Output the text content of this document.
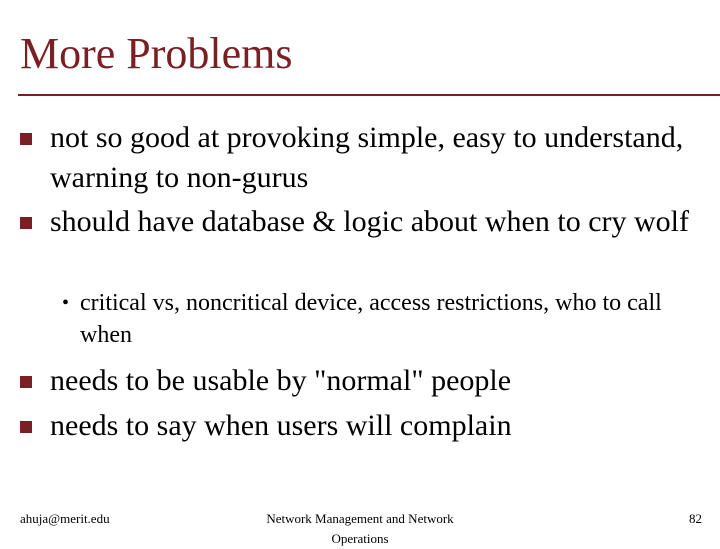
More Problems
not so good at provoking simple, easy to understand, warning to non-gurus
should have database & logic about when to cry wolf
• critical vs, noncritical device, access restrictions, who to call when
needs to be usable by "normal" people
needs to say when users will complain
ahuja@merit.edu	Network Management and Network Operations
82
